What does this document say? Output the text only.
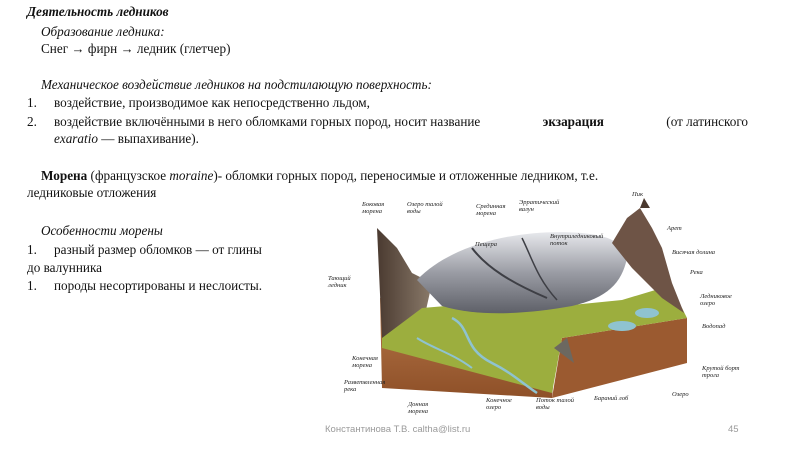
Деятельность ледников
Образование ледника:
Снег → фирн → ледник (глетчер)
Механическое воздействие ледников на подстилающую поверхность:
1. воздействие, производимое как непосредственно льдом,
2. воздействие включёнными в него обломками горных пород, носит название	экзарация	(от латинского
exaratio — выпахивание).
Морена (французское moraine)- обломки горных пород, переносимые и отложенные ледником, т.е.
ледниковые отложения
Особенности морены
1. разный размер обломков — от глины
до валунника
1. породы несортированы и неслоисты.
Боковая
морена
Озеро талой
воды
Срединная
морена
Эрратический
валун
Пик
Арет
Пещера
Внутриледниковый
поток
Висячая долина
Тающий
ледник
Река
Ледниковое
озеро
Водопад
Конечная
морена
Разветвленная
река
Крутой борт
трога
Донная
морена
Конечное
озеро
Поток талой
воды
Бараний лоб
Озеро
Константинова Т.В. caltha@list.ru	45
